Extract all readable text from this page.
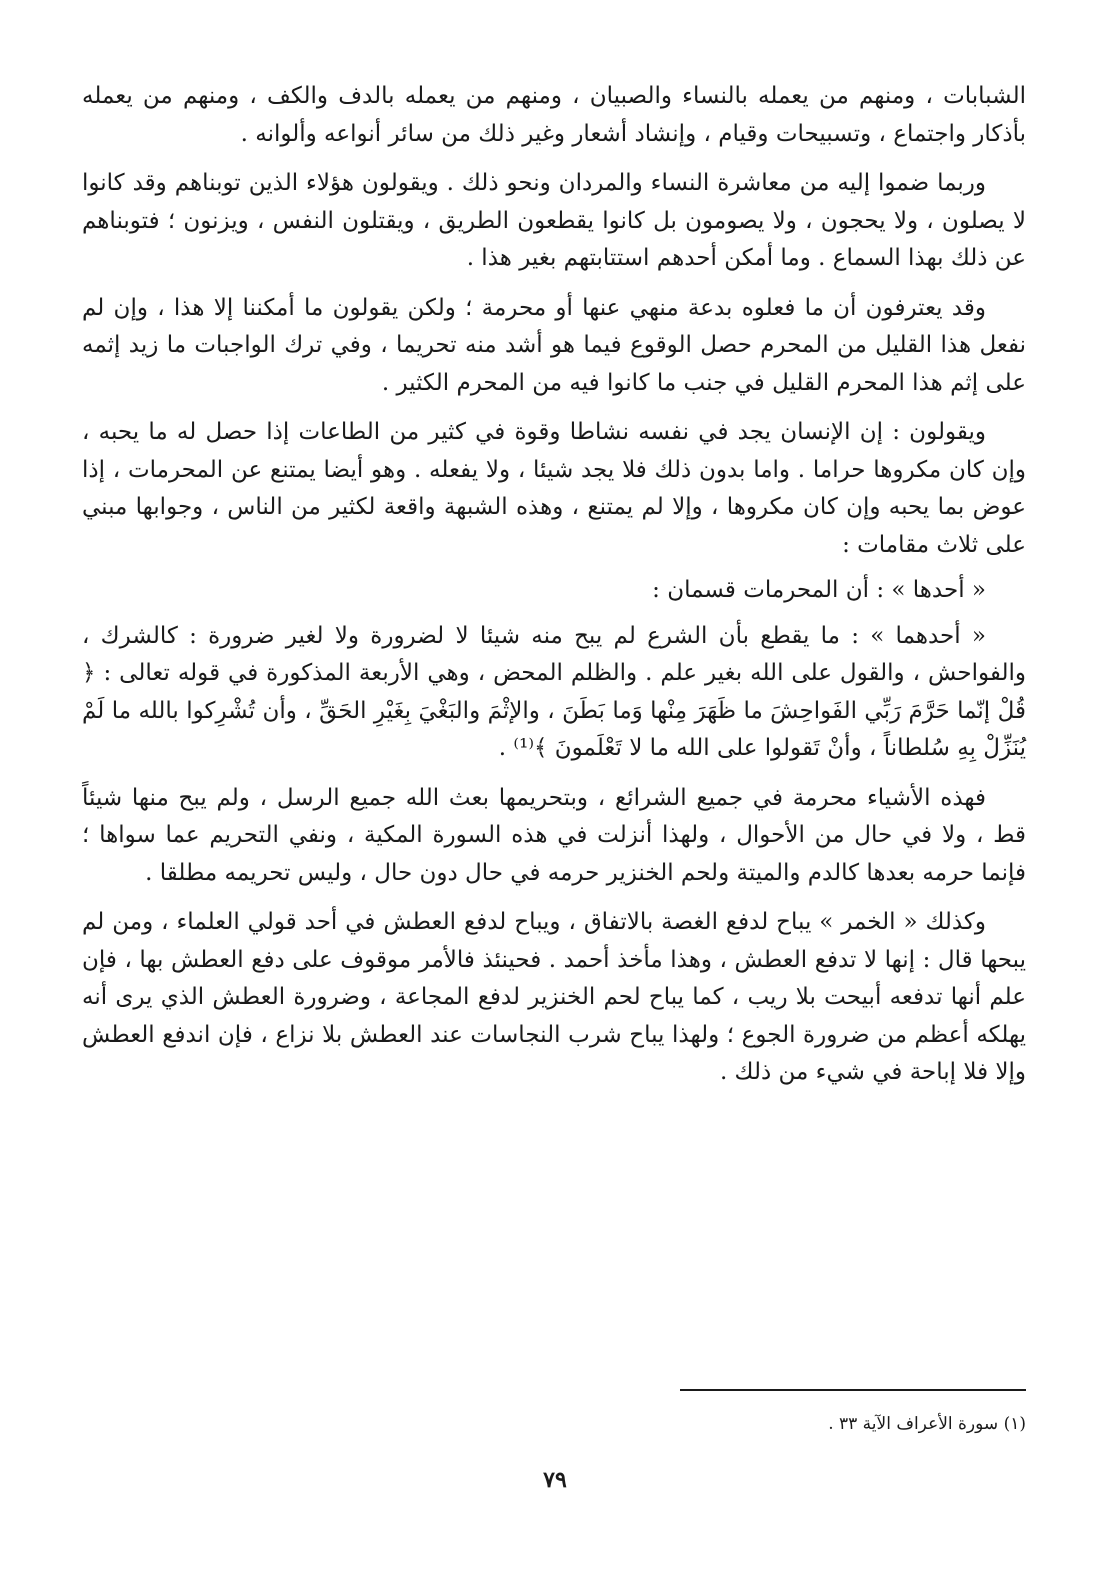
الشبابات ، ومنهم من يعمله بالنساء والصبيان ، ومنهم من يعمله بالدف والكف ، ومنهم من يعمله بأذكار واجتماع ، وتسبيحات وقيام ، وإنشاد أشعار وغير ذلك من سائر أنواعه وألوانه .

وربما ضموا إليه من معاشرة النساء والمردان ونحو ذلك . ويقولون هؤلاء الذين توبناهم وقد كانوا لا يصلون ، ولا يحجون ، ولا يصومون بل كانوا يقطعون الطريق ، ويقتلون النفس ، ويزنون ؛ فتوبناهم عن ذلك بهذا السماع . وما أمكن أحدهم استتابتهم بغير هذا .

وقد يعترفون أن ما فعلوه بدعة منهي عنها أو محرمة ؛ ولكن يقولون ما أمكننا إلا هذا ، وإن لم نفعل هذا القليل من المحرم حصل الوقوع فيما هو أشد منه تحريما ، وفي ترك الواجبات ما زيد إثمه على إثم هذا المحرم القليل في جنب ما كانوا فيه من المحرم الكثير .

ويقولون : إن الإنسان يجد في نفسه نشاطا وقوة في كثير من الطاعات إذا حصل له ما يحبه ، وإن كان مكروها حراما . واما بدون ذلك فلا يجد شيئا ، ولا يفعله . وهو أيضا يمتنع عن المحرمات ، إذا عوض بما يحبه وإن كان مكروها ، وإلا لم يمتنع ، وهذه الشبهة واقعة لكثير من الناس ، وجوابها مبني على ثلاث مقامات :

« أحدها » : أن المحرمات قسمان :

« أحدهما » : ما يقطع بأن الشرع لم يبح منه شيئا لا لضرورة ولا لغير ضرورة : كالشرك ، والفواحش ، والقول على الله بغير علم . والظلم المحض ، وهي الأربعة المذكورة في قوله تعالى : ﴿ قُلْ إنّما حَرَّمَ رَبِّي الفَواحِشَ ما ظَهَرَ مِنْها وَما بَطَنَ ، والإثْمَ والبَغْيَ بِغَيْرِ الحَقِّ ، وأن تُشْرِكوا بالله ما لَمْ يُنَزِّلْ بِهِ سُلطاناً ، وأنْ تَقولوا على الله ما لا تَعْلَمونَ ﴾⁽¹⁾ .

فهذه الأشياء محرمة في جميع الشرائع ، وبتحريمها بعث الله جميع الرسل ، ولم يبح منها شيئاً قط ، ولا في حال من الأحوال ، ولهذا أنزلت في هذه السورة المكية ، ونفي التحريم عما سواها ؛ فإنما حرمه بعدها كالدم والميتة ولحم الخنزير حرمه في حال دون حال ، وليس تحريمه مطلقا .

وكذلك « الخمر » يباح لدفع الغصة بالاتفاق ، ويباح لدفع العطش في أحد قولي العلماء ، ومن لم يبحها قال : إنها لا تدفع العطش ، وهذا مأخذ أحمد . فحينئذ فالأمر موقوف على دفع العطش بها ، فإن علم أنها تدفعه أبيحت بلا ريب ، كما يباح لحم الخنزير لدفع المجاعة ، وضرورة العطش الذي يرى أنه يهلكه أعظم من ضرورة الجوع ؛ ولهذا يباح شرب النجاسات عند العطش بلا نزاع ، فإن اندفع العطش وإلا فلا إباحة في شيء من ذلك .

(١) سورة الأعراف الآية ٣٣ .
٧٩
